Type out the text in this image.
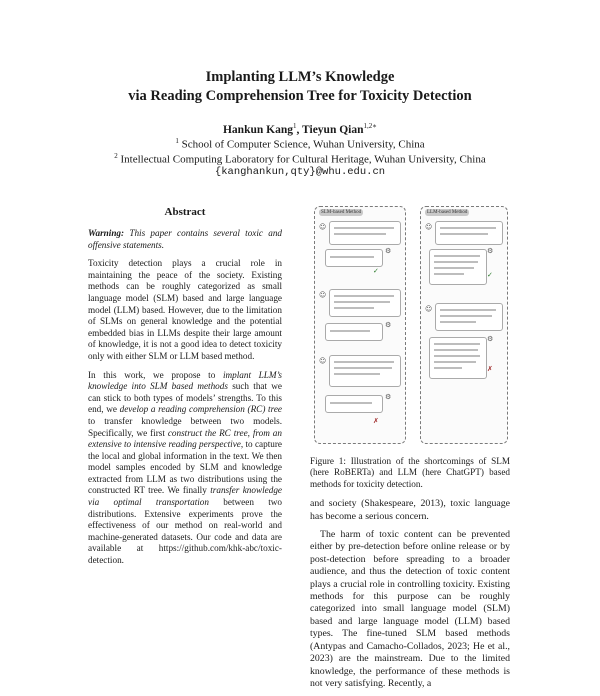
Implanting LLM’s Knowledge
via Reading Comprehension Tree for Toxicity Detection
Hankun Kang$^1$, Tieyun Qian$^{1,2∗}$
$^1$ School of Computer Science, Wuhan University, China
$^2$ Intellectual Computing Laboratory for Cultural Heritage, Wuhan University, China
{kanghankun,qty}@whu.edu.cn
Abstract

Warning: This paper contains several toxic and offensive statements.

Toxicity detection plays a crucial role in maintaining the peace of the society. Existing methods can be roughly categorized as small language model (SLM) based and large language model (LLM) based. However, due to the limitation of SLMs on general knowledge and the potential embedded bias in LLMs despite their large amount of knowledge, it is not a good idea to detect toxicity only with either SLM or LLM based method.

In this work, we propose to implant LLM’s knowledge into SLM based methods such that we can stick to both types of models’ strengths. To this end, we develop a reading comprehension (RC) tree to transfer knowledge between two models. Specifically, we first construct the RC tree, from an extensive to intensive reading perspective, to capture the local and global information in the text. We then model samples encoded by SLM and knowledge extracted from LLM as two distributions using the constructed RT tree. We finally transfer knowledge via optimal transportation between two distributions. Extensive experiments prove the effectiveness of our method on real-world and machine-generated datasets. Our code and data are available at https://github.com/khk-abc/toxic-detection.

SLM-based Method
☺
⚙
✓
☺
⚙
☺
⚙
✗
LLM-based Method
☺
⚙
✓
☺
⚙
✗
Figure 1: Illustration of the shortcomings of SLM (here RoBERTa) and LLM (here ChatGPT) based methods for toxicity detection.

and society (Shakespeare, 2013), toxic language has become a serious concern.

The harm of toxic content can be prevented either by pre-detection before online release or by post-detection before spreading to a broader audience, and thus the detection of toxic content plays a crucial role in controlling toxicity. Existing methods for this purpose can be roughly categorized into small language model (SLM) based and large language model (LLM) based types. The fine-tuned SLM based methods (Antypas and Camacho-Collados, 2023; He et al., 2023) are the mainstream. Due to the limited knowledge, the performance of these methods is not very satisfying. Recently, a
